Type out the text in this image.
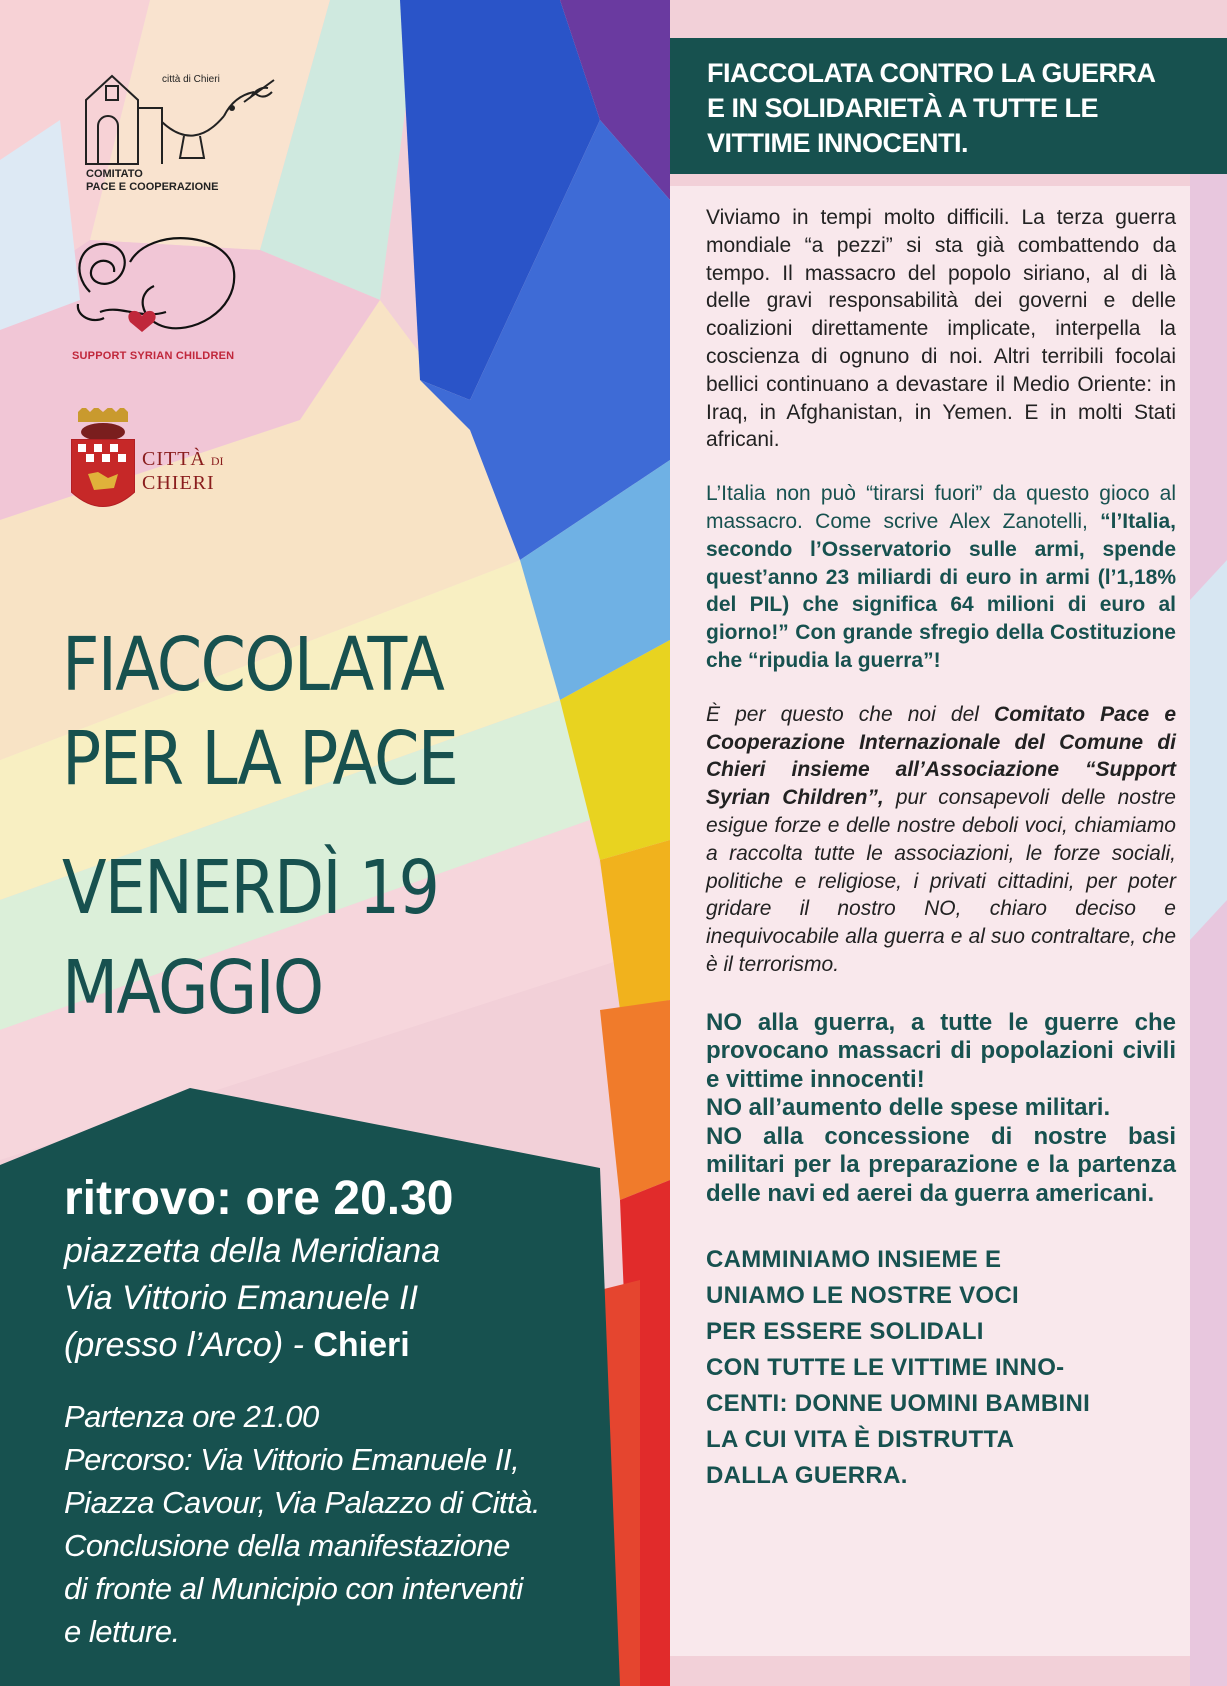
città di Chieri
COMITATO
PACE E COOPERAZIONE
SUPPORT SYRIAN CHILDREN
CITTÀ DI
CHIERI
FIACCOLATA
PER LA PACE
VENERDÌ 19
MAGGIO
ritrovo: ore 20.30
piazzetta della Meridiana
Via Vittorio Emanuele II
(presso l’Arco) - Chieri
Partenza ore 21.00
Percorso: Via Vittorio Emanuele II,
Piazza Cavour, Via Palazzo di Città.
Conclusione della manifestazione
di fronte al Municipio con interventi
e letture.
FIACCOLATA CONTRO LA GUERRA
E IN SOLIDARIETÀ A TUTTE LE
VITTIME INNOCENTI.

Viviamo in tempi molto difficili. La terza guerra mondiale “a pezzi” si sta già combattendo da tempo. Il massacro del popolo siriano, al di là delle gravi responsabilità dei governi e delle coalizioni direttamente implicate, interpella la coscienza di ognuno di noi. Altri terribili focolai bellici continuano a devastare il Medio Oriente: in Iraq, in Afghanistan, in Yemen. E in molti Stati africani.

L’Italia non può “tirarsi fuori” da questo gioco al massacro. Come scrive Alex Zanotelli, “l’Italia, secondo l’Osservatorio sulle armi, spende quest’anno 23 miliardi di euro in armi (l’1,18% del PIL) che significa 64 milioni di euro al giorno!” Con grande sfregio della Costituzione che “ripudia la guerra”!

È per questo che noi del Comitato Pace e Cooperazione Internazionale del Comune di Chieri insieme all’Associazione “Support Syrian Children”, pur consapevoli delle nostre esigue forze e delle nostre deboli voci, chiamiamo a raccolta tutte le associazioni, le forze sociali, politiche e religiose, i privati cittadini, per poter gridare il nostro NO, chiaro deciso e inequivocabile alla guerra e al suo contraltare, che è il terrorismo.

NO alla guerra, a tutte le guerre che provocano massacri di popolazioni civili e vittime innocenti!
NO all’aumento delle spese militari.
NO alla concessione di nostre basi militari per la preparazione e la partenza delle navi ed aerei da guerra americani.
CAMMINIAMO INSIEME E
UNIAMO LE NOSTRE VOCI
PER ESSERE SOLIDALI
CON TUTTE LE VITTIME INNO-
CENTI: DONNE UOMINI BAMBINI
LA CUI VITA È DISTRUTTA
DALLA GUERRA.
